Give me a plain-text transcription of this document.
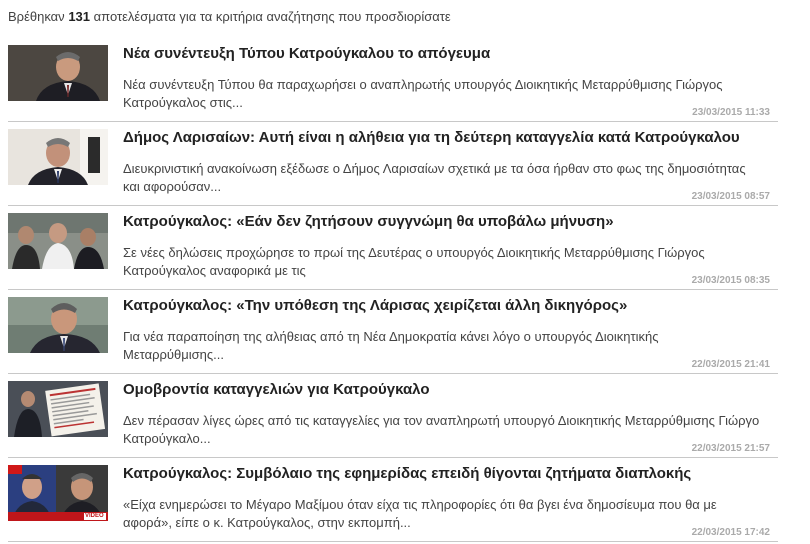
Βρέθηκαν 131 αποτελέσματα για τα κριτήρια αναζήτησης που προσδιορίσατε
Νέα συνέντευξη Τύπου Κατρούγκαλου το απόγευμα
Νέα συνέντευξη Τύπου θα παραχωρήσει ο αναπληρωτής υπουργός Διοικητικής Μεταρρύθμισης Γιώργος Κατρούγκαλος στις...
23/03/2015 11:33
Δήμος Λαρισαίων: Αυτή είναι η αλήθεια για τη δεύτερη καταγγελία κατά Κατρούγκαλου
Διευκρινιστική ανακοίνωση εξέδωσε ο Δήμος Λαρισαίων σχετικά με τα όσα ήρθαν στο φως της δημοσιότητας και αφορούσαν...
23/03/2015 08:57
Κατρούγκαλος: «Εάν δεν ζητήσουν συγγνώμη θα υποβάλω μήνυση»
Σε νέες δηλώσεις προχώρησε το πρωί της Δευτέρας ο υπουργός Διοικητικής Μεταρρύθμισης Γιώργος Κατρούγκαλος αναφορικά με τις
23/03/2015 08:35
Κατρούγκαλος: «Την υπόθεση της Λάρισας χειρίζεται άλλη δικηγόρος»
Για νέα παραποίηση της αλήθειας από τη Νέα Δημοκρατία κάνει λόγο ο υπουργός Διοικητικής Μεταρρύθμισης...
22/03/2015 21:41
Ομοβροντία καταγγελιών για Κατρούγκαλο
Δεν πέρασαν λίγες ώρες από τις καταγγελίες για τον αναπληρωτή υπουργό Διοικητικής Μεταρρύθμισης Γιώργο Κατρούγκαλο...
22/03/2015 21:57
VIDEO
Κατρούγκαλος: Συμβόλαιο της εφημερίδας επειδή θίγονται ζητήματα διαπλοκής
«Είχα ενημερώσει το Μέγαρο Μαξίμου όταν είχα τις πληροφορίες ότι θα βγει ένα δημοσίευμα που θα με αφορά», είπε ο κ. Κατρούγκαλος, στην εκπομπή...
22/03/2015 17:42
